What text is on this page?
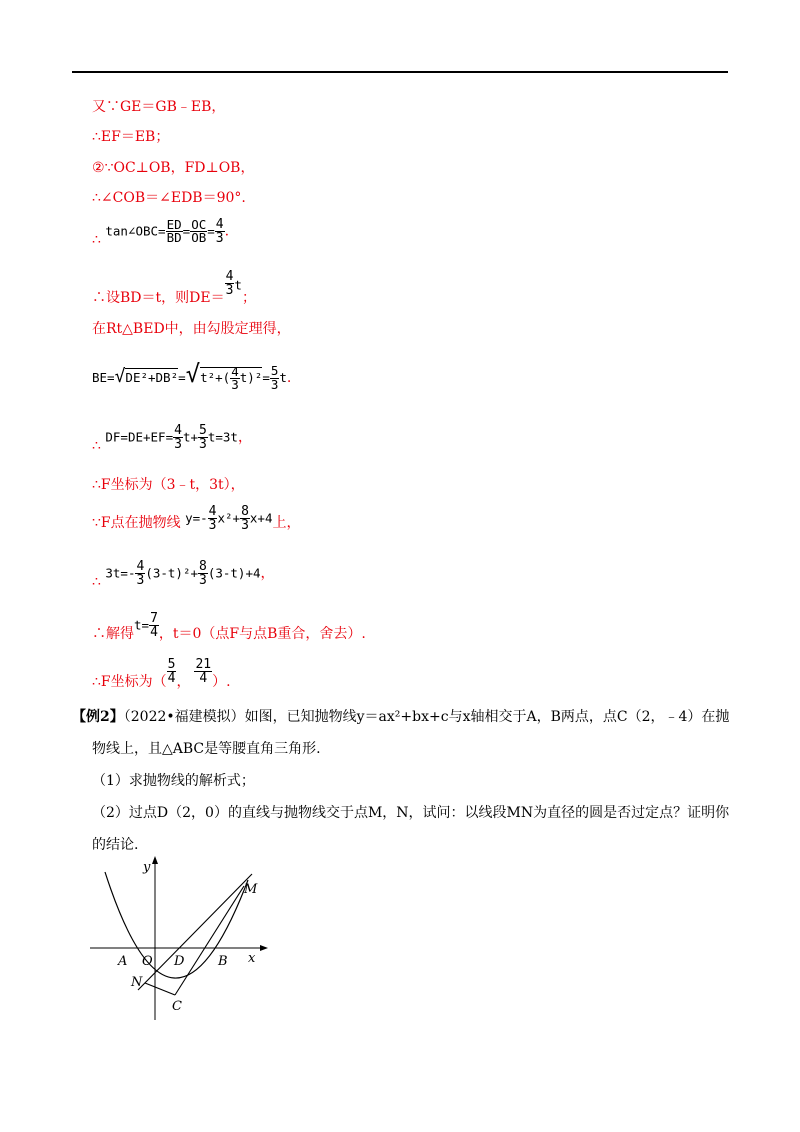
又∵GE＝GB﹣EB，
∴EF＝EB；
②∵OC⊥OB，FD⊥OB，
∴∠COB＝∠EDB＝90°.
∴ tan∠OBC= $\frac{ED}{BD} = \frac{OC}{OB} = \frac{4}{3}$ .
∴设BD＝t，则DE＝
$\frac{4}{3}$ t；
在Rt△BED中，由勾股定理得，
$BE=√DE^2+DB^2=√t^2+( \frac{4}{3} t)^2= \frac{5}{3} t$.
∴ $DF=DE+EF= \frac{4}{3} t+ \frac{5}{3} t=3t$，
∴F坐标为（3﹣t，3t），
∵F点在抛物线 $y=- \frac{4}{3} x^2+ \frac{8}{3} x+4$上，
∴ $3t=- \frac{4}{3} (3-t)^2+ \frac{8}{3} (3-t)+4$，
∴解得$t= \frac{7}{4}$ ，t＝0（点F与点B重合，舍去）.
∴F坐标为（ $\frac{5}{4}$ ， $\frac{21}{4}$ ）.
【例2】（2022•福建模拟）如图，已知抛物线y＝ax²+bx+c与x轴相交于A，B两点，点C（2，﹣4）在抛
物线上，且△ABC是等腰直角三角形.
（1）求抛物线的解析式；
（2）过点D（2，0）的直线与抛物线交于点M，N，试问：以线段MN为直径的圆是否过定点？证明你
的结论.
y
x
A O D	B
N
C
M
